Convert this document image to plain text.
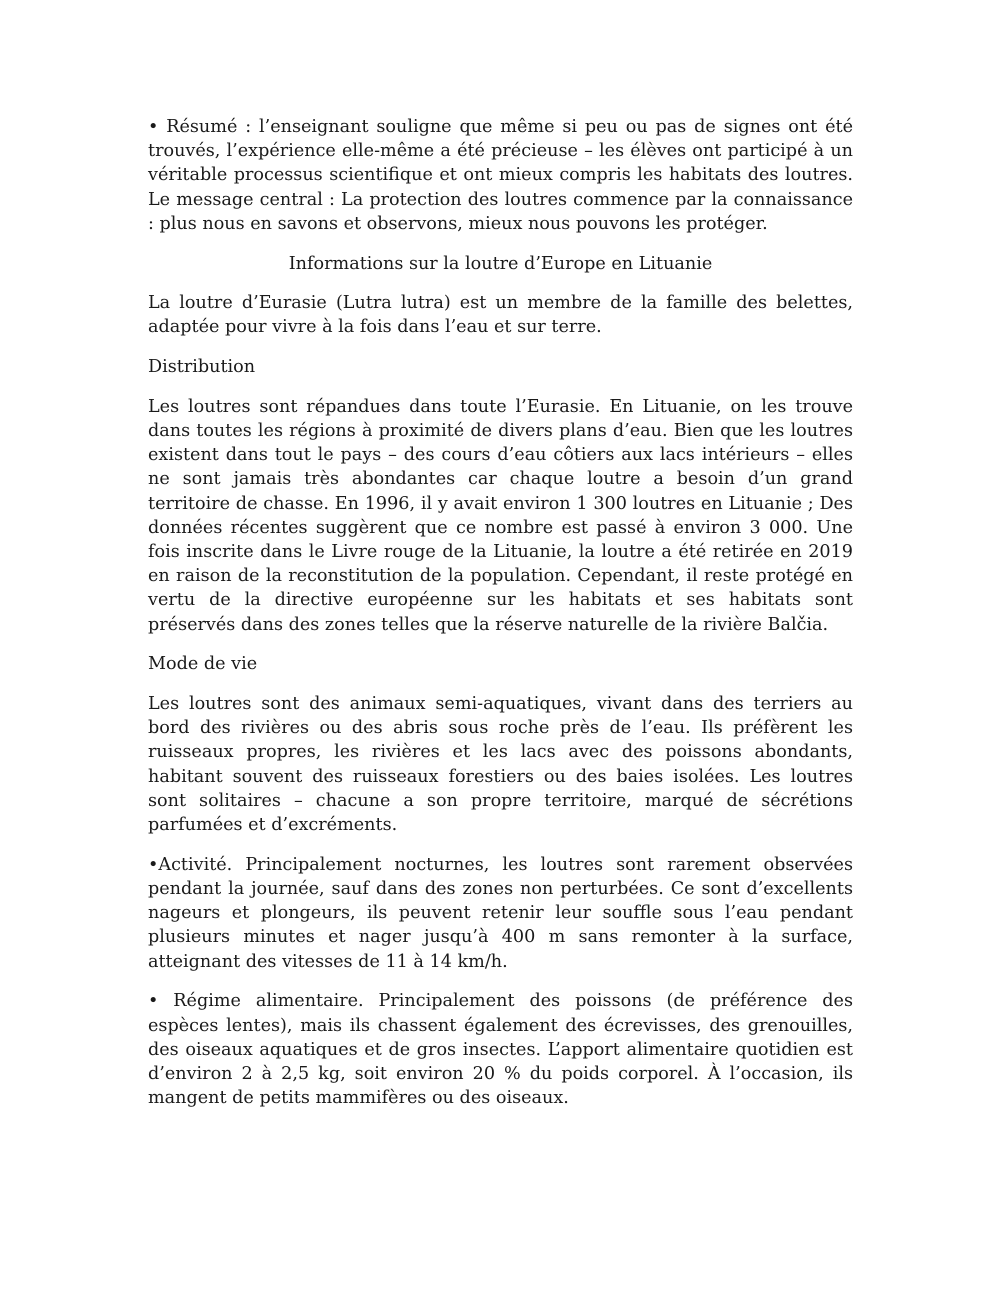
• Résumé : l’enseignant souligne que même si peu ou pas de signes ont été trouvés, l’expérience elle-même a été précieuse – les élèves ont participé à un véritable processus scientifique et ont mieux compris les habitats des loutres. Le message central : La protection des loutres commence par la connaissance : plus nous en savons et observons, mieux nous pouvons les protéger.

Informations sur la loutre d’Europe en Lituanie

La loutre d’Eurasie (Lutra lutra) est un membre de la famille des belettes, adaptée pour vivre à la fois dans l’eau et sur terre.

Distribution

Les loutres sont répandues dans toute l’Eurasie. En Lituanie, on les trouve dans toutes les régions à proximité de divers plans d’eau. Bien que les loutres existent dans tout le pays – des cours d’eau côtiers aux lacs intérieurs – elles ne sont jamais très abondantes car chaque loutre a besoin d’un grand territoire de chasse. En 1996, il y avait environ 1 300 loutres en Lituanie ; Des données récentes suggèrent que ce nombre est passé à environ 3 000. Une fois inscrite dans le Livre rouge de la Lituanie, la loutre a été retirée en 2019 en raison de la reconstitution de la population. Cependant, il reste protégé en vertu de la directive européenne sur les habitats et ses habitats sont préservés dans des zones telles que la réserve naturelle de la rivière Balčia.

Mode de vie

Les loutres sont des animaux semi-aquatiques, vivant dans des terriers au bord des rivières ou des abris sous roche près de l’eau. Ils préfèrent les ruisseaux propres, les rivières et les lacs avec des poissons abondants, habitant souvent des ruisseaux forestiers ou des baies isolées. Les loutres sont solitaires – chacune a son propre territoire, marqué de sécrétions parfumées et d’excréments.

•Activité. Principalement nocturnes, les loutres sont rarement observées pendant la journée, sauf dans des zones non perturbées. Ce sont d’excellents nageurs et plongeurs, ils peuvent retenir leur souffle sous l’eau pendant plusieurs minutes et nager jusqu’à 400 m sans remonter à la surface, atteignant des vitesses de 11 à 14 km/h.

• Régime alimentaire. Principalement des poissons (de préférence des espèces lentes), mais ils chassent également des écrevisses, des grenouilles, des oiseaux aquatiques et de gros insectes. L’apport alimentaire quotidien est d’environ 2 à 2,5 kg, soit environ 20 % du poids corporel. À l’occasion, ils mangent de petits mammifères ou des oiseaux.
